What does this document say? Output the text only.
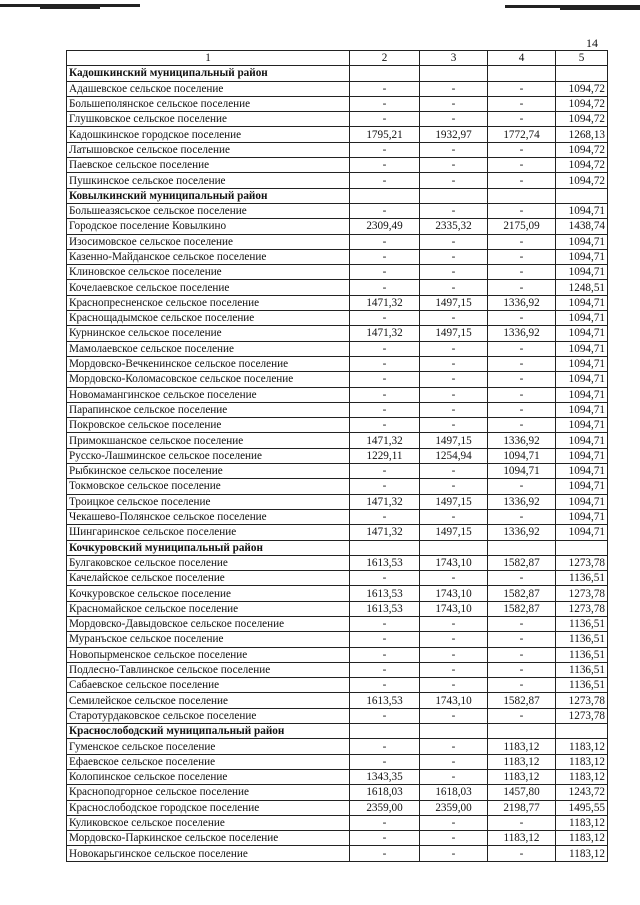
14
1	2	3	4	5
Кадошкинский муниципальный район				
Адашевское сельское поселение	-	-	-	1094,72
Большеполянское сельское поселение	-	-	-	1094,72
Глушковское сельское поселение	-	-	-	1094,72
Кадошкинское городское поселение	1795,21	1932,97	1772,74	1268,13
Латышовское сельское поселение	-	-	-	1094,72
Паевское сельское поселение	-	-	-	1094,72
Пушкинское сельское поселение	-	-	-	1094,72
Ковылкинский муниципальный район				
Большеазясьское сельское поселение	-	-	-	1094,71
Городское поселение Ковылкино	2309,49	2335,32	2175,09	1438,74
Изосимовское сельское поселение	-	-	-	1094,71
Казенно-Майданское сельское поселение	-	-	-	1094,71
Клиновское сельское поселение	-	-	-	1094,71
Кочелаевское сельское поселение	-	-	-	1248,51
Краснопресненское сельское поселение	1471,32	1497,15	1336,92	1094,71
Краснощадымское сельское поселение	-	-	-	1094,71
Курнинское сельское поселение	1471,32	1497,15	1336,92	1094,71
Мамолаевское сельское поселение	-	-	-	1094,71
Мордовско-Вечкенинское сельское поселение	-	-	-	1094,71
Мордовско-Коломасовское сельское поселение	-	-	-	1094,71
Новомамангинское сельское поселение	-	-	-	1094,71
Парапинское сельское поселение	-	-	-	1094,71
Покровское сельское поселение	-	-	-	1094,71
Примокшанское сельское поселение	1471,32	1497,15	1336,92	1094,71
Русско-Лашминское сельское поселение	1229,11	1254,94	1094,71	1094,71
Рыбкинское сельское поселение	-	-	1094,71	1094,71
Токмовское сельское поселение	-	-	-	1094,71
Троицкое сельское поселение	1471,32	1497,15	1336,92	1094,71
Чекашево-Полянское сельское поселение	-	-	-	1094,71
Шингаринское сельское поселение	1471,32	1497,15	1336,92	1094,71
Кочкуровский муниципальный район				
Булгаковское сельское поселение	1613,53	1743,10	1582,87	1273,78
Качелайское сельское поселение	-	-	-	1136,51
Кочкуровское сельское поселение	1613,53	1743,10	1582,87	1273,78
Красномайское сельское поселение	1613,53	1743,10	1582,87	1273,78
Мордовско-Давыдовское сельское поселение	-	-	-	1136,51
Муранъское сельское поселение	-	-	-	1136,51
Новопырменское сельское поселение	-	-	-	1136,51
Подлесно-Тавлинское сельское поселение	-	-	-	1136,51
Сабаевское сельское поселение	-	-	-	1136,51
Семилейское сельское поселение	1613,53	1743,10	1582,87	1273,78
Старотурдаковское сельское поселение	-	-	-	1273,78
Краснослободский муниципальный район				
Гуменское сельское поселение	-	-	1183,12	1183,12
Ефаевское сельское поселение	-	-	1183,12	1183,12
Колопинское сельское поселение	1343,35	-	1183,12	1183,12
Красноподгорное сельское поселение	1618,03	1618,03	1457,80	1243,72
Краснослободское городское поселение	2359,00	2359,00	2198,77	1495,55
Куликовское сельское поселение	-	-	-	1183,12
Мордовско-Паркинское сельское поселение	-	-	1183,12	1183,12
Новокарьгинское сельское поселение	-	-	-	1183,12
